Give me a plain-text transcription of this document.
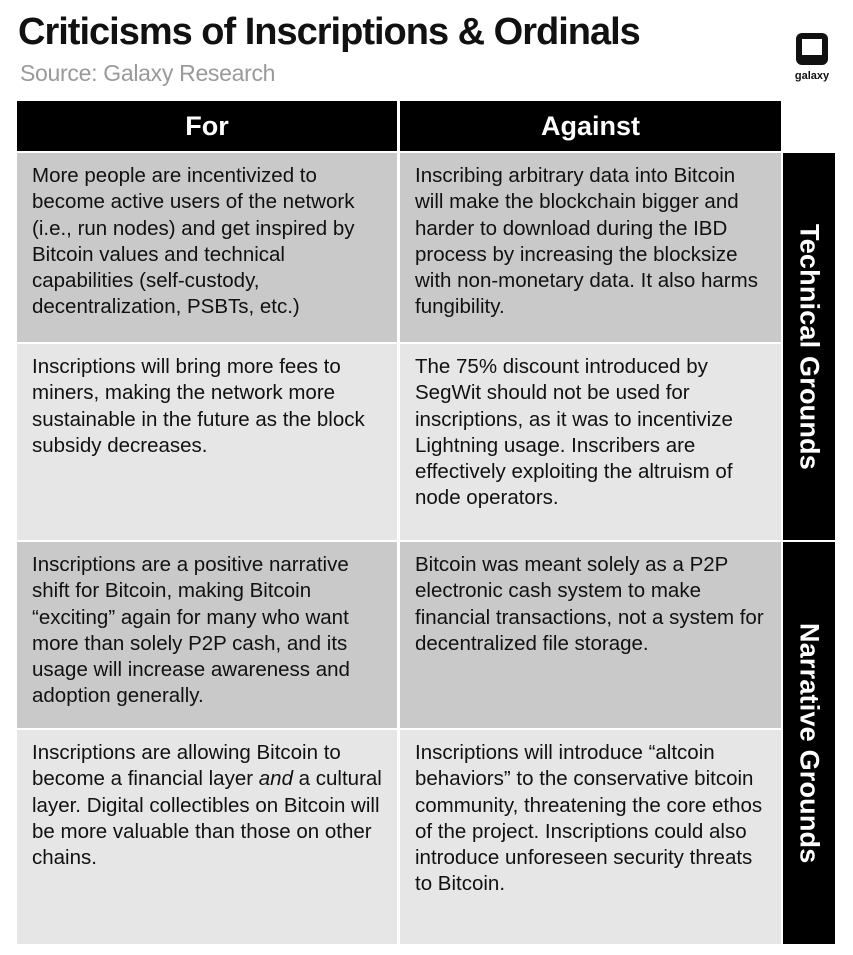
Criticisms of Inscriptions & Ordinals
Source: Galaxy Research	galaxy
For	Against
More people are incentivized to become active users of the network (i.e., run nodes) and get inspired by Bitcoin values and technical capabilities (self-custody, decentralization, PSBTs, etc.)
Inscribing arbitrary data into Bitcoin will make the blockchain bigger and harder to download during the IBD process by increasing the blocksize with non-monetary data. It also harms fungibility.
Inscriptions will bring more fees to miners, making the network more sustainable in the future as the block subsidy decreases.
The 75% discount introduced by SegWit should not be used for inscriptions, as it was to incentivize Lightning usage. Inscribers are effectively exploiting the altruism of node operators.
Inscriptions are a positive narrative shift for Bitcoin, making Bitcoin “exciting” again for many who want more than solely P2P cash, and its usage will increase awareness and adoption generally.
Bitcoin was meant solely as a P2P electronic cash system to make financial transactions, not a system for decentralized file storage.
Inscriptions are allowing Bitcoin to become a financial layer and a cultural layer. Digital collectibles on Bitcoin will be more valuable than those on other chains.
Inscriptions will introduce “altcoin behaviors” to the conservative bitcoin community, threatening the core ethos of the project. Inscriptions could also introduce unforeseen security threats to Bitcoin.
Technical Grounds
Narrative Grounds
